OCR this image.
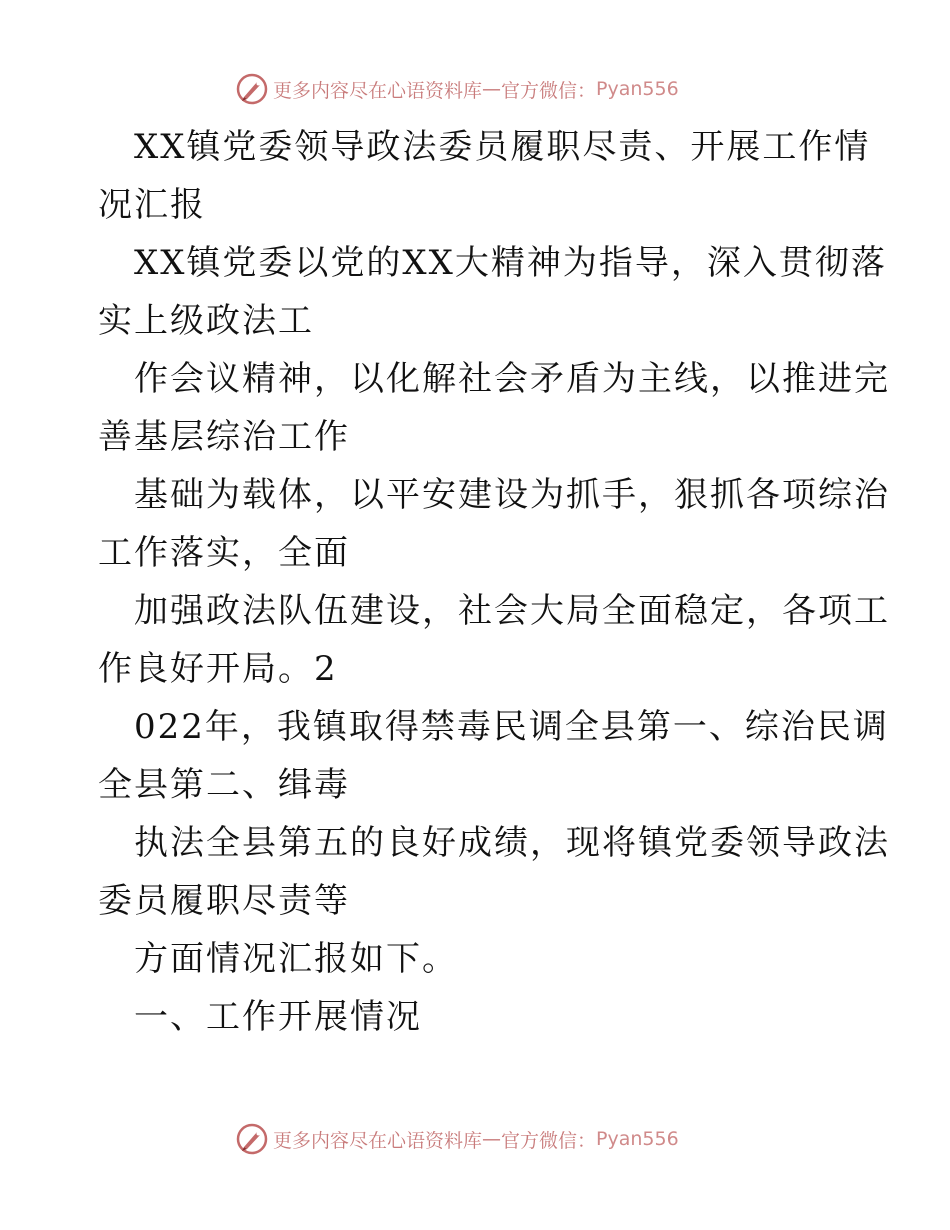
更多内容尽在心语资料库 — 官方微信： Pyan556

XX镇党委领导政法委员履职尽责、开展工作情
况汇报

XX镇党委以党的XX大精神为指导，深入贯彻落
实上级政法工

作会议精神，以化解社会矛盾为主线，以推进完
善基层综治工作

基础为载体，以平安建设为抓手，狠抓各项综治
工作落实，全面

加强政法队伍建设，社会大局全面稳定，各项工
作良好开局。2

022年，我镇取得禁毒民调全县第一、综治民调
全县第二、缉毒

执法全县第五的良好成绩，现将镇党委领导政法
委员履职尽责等

方面情况汇报如下。

一、工作开展情况

更多内容尽在心语资料库 — 官方微信： Pyan556
